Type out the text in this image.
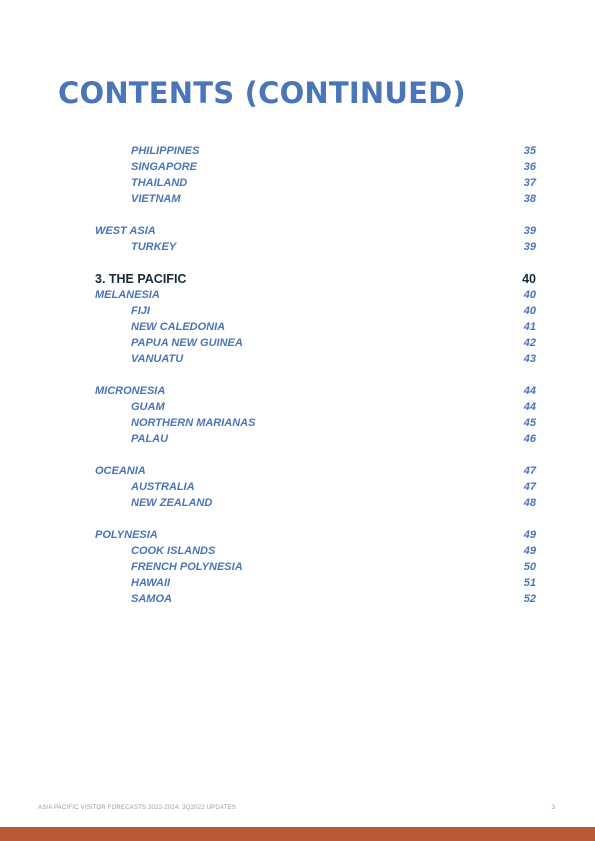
CONTENTS (CONTINUED)
PHILIPPINES	35
SINGAPORE	36
THAILAND	37
VIETNAM	38
WEST ASIA	39
TURKEY	39
3. THE PACIFIC	40
MELANESIA	40
FIJI	40
NEW CALEDONIA	41
PAPUA NEW GUINEA	42
VANUATU	43
MICRONESIA	44
GUAM	44
NORTHERN MARIANAS	45
PALAU	46
OCEANIA	47
AUSTRALIA	47
NEW ZEALAND	48
POLYNESIA	49
COOK ISLANDS	49
FRENCH POLYNESIA	50
HAWAII	51
SAMOA	52
ASIA PACIFIC VISITOR FORECASTS 2022-2024: 3Q2022 UPDATES	3
